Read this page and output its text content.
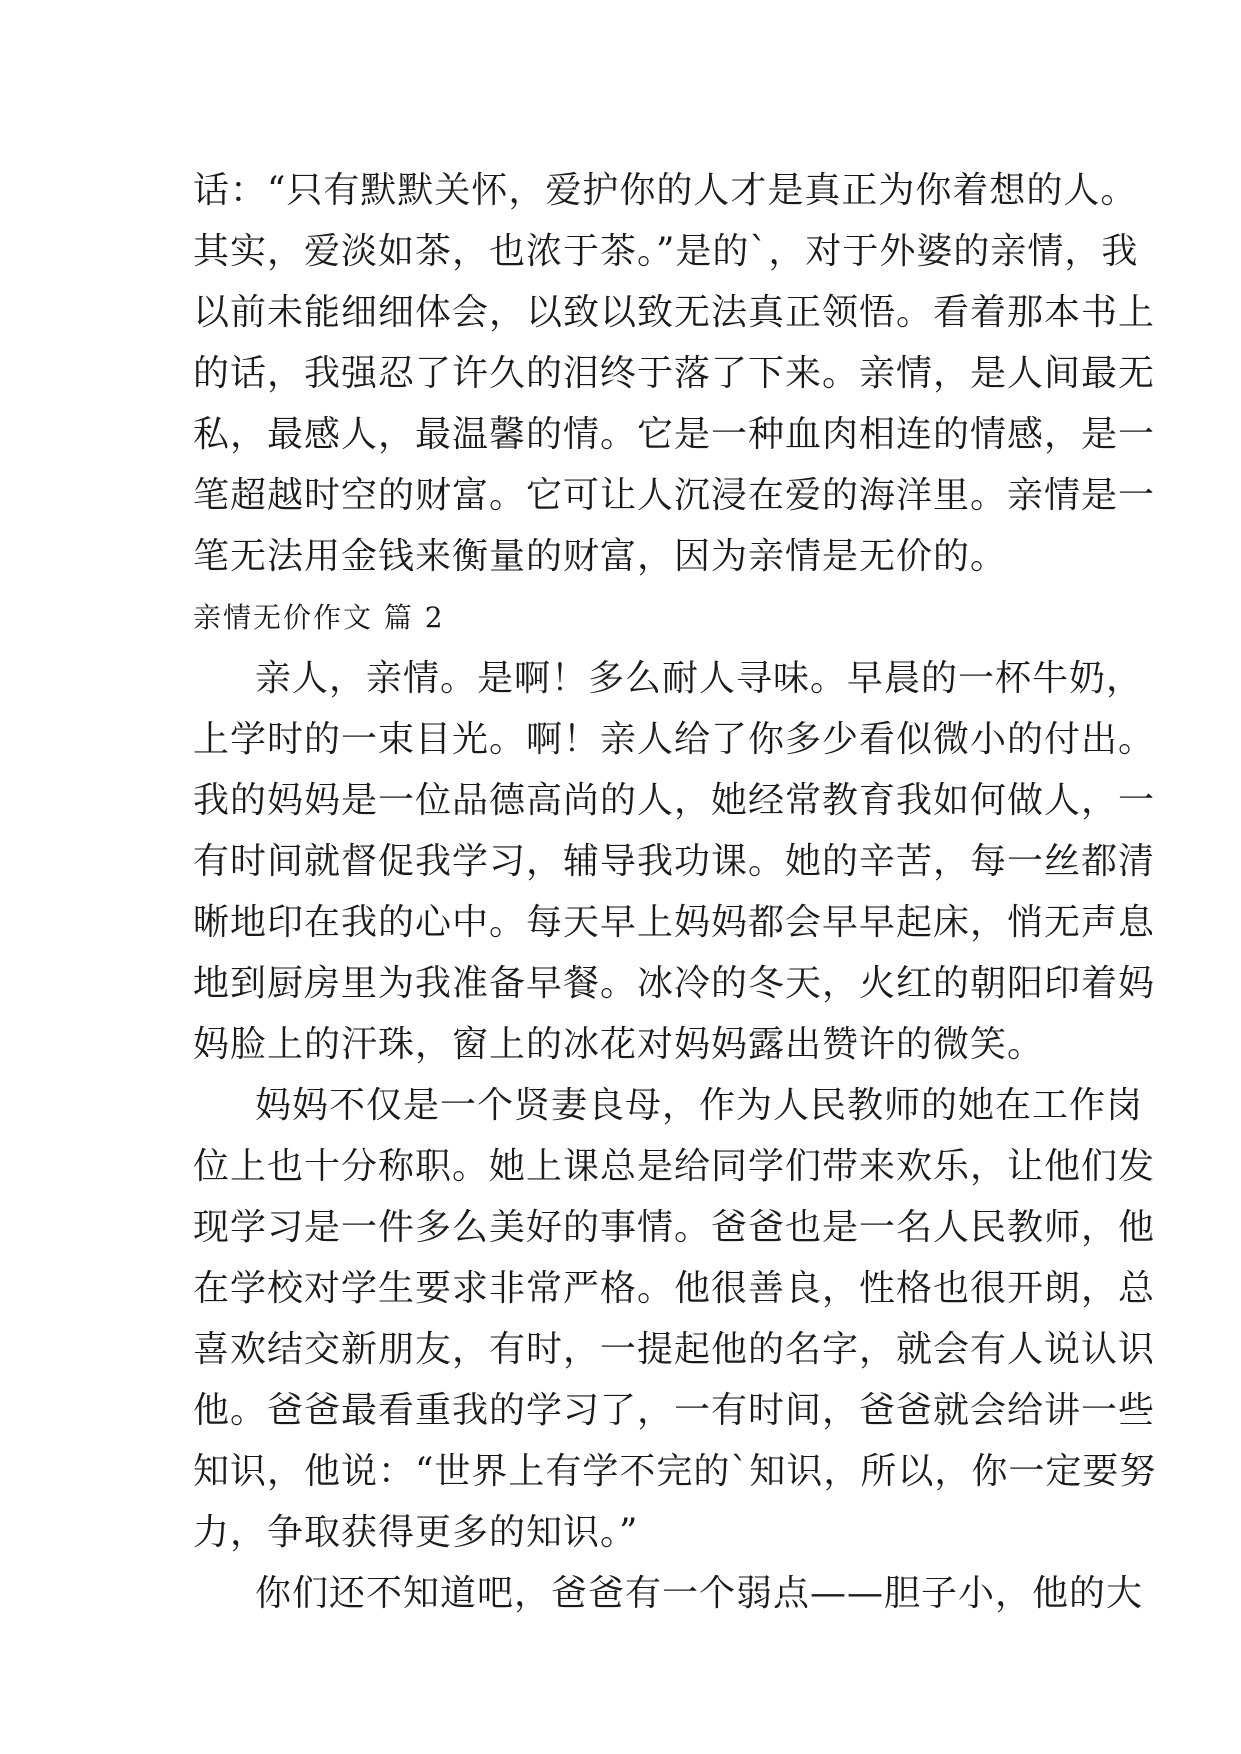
话：“只有默默关怀，爱护你的人才是真正为你着想的人。
其实，爱淡如茶，也浓于茶。”是的`，对于外婆的亲情，我
以前未能细细体会，以致以致无法真正领悟。看着那本书上
的话，我强忍了许久的泪终于落了下来。亲情，是人间最无
私，最感人，最温馨的情。它是一种血肉相连的情感，是一
笔超越时空的财富。它可让人沉浸在爱的海洋里。亲情是一
笔无法用金钱来衡量的财富，因为亲情是无价的。
亲情无价作文 篇 2
亲人，亲情。是啊！多么耐人寻味。早晨的一杯牛奶，
上学时的一束目光。啊！亲人给了你多少看似微小的付出。
我的妈妈是一位品德高尚的人，她经常教育我如何做人，一
有时间就督促我学习，辅导我功课。她的辛苦，每一丝都清
晰地印在我的心中。每天早上妈妈都会早早起床，悄无声息
地到厨房里为我准备早餐。冰冷的冬天，火红的朝阳印着妈
妈脸上的汗珠，窗上的冰花对妈妈露出赞许的微笑。
妈妈不仅是一个贤妻良母，作为人民教师的她在工作岗
位上也十分称职。她上课总是给同学们带来欢乐，让他们发
现学习是一件多么美好的事情。爸爸也是一名人民教师，他
在学校对学生要求非常严格。他很善良，性格也很开朗，总
喜欢结交新朋友，有时，一提起他的名字，就会有人说认识
他。爸爸最看重我的学习了，一有时间，爸爸就会给讲一些
知识，他说：“世界上有学不完的`知识，所以，你一定要努
力，争取获得更多的知识。”
你们还不知道吧，爸爸有一个弱点——胆子小，他的大
